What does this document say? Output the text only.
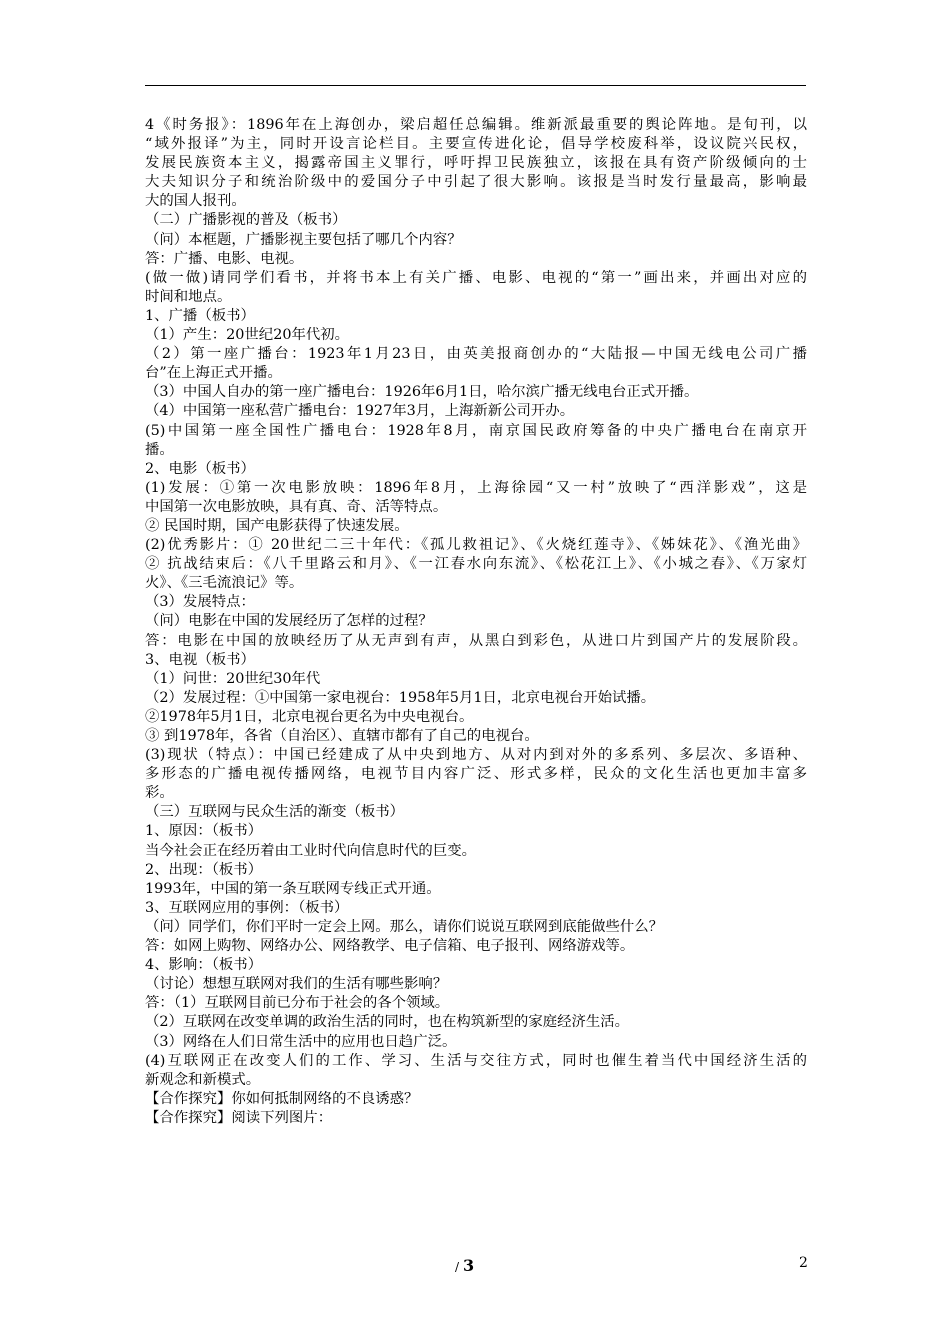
4《时务报》：1896年在上海创办，梁启超任总编辑。维新派最重要的舆论阵地。是旬刊，以
“域外报译”为主，同时开设言论栏目。主要宣传进化论，倡导学校废科举，设议院兴民权，
发展民族资本主义，揭露帝国主义罪行，呼吁捍卫民族独立，该报在具有资产阶级倾向的士
大夫知识分子和统治阶级中的爱国分子中引起了很大影响。该报是当时发行量最高，影响最
大的国人报刊。
（二）广播影视的普及（板书）
（问）本框题，广播影视主要包括了哪几个内容？
答：广播、电影、电视。
(做一做)请同学们看书，并将书本上有关广播、电影、电视的“第一”画出来，并画出对应的
时间和地点。
1、广播（板书）
（1）产生：20世纪20年代初。
（2）第一座广播台：1923年1月23日，由英美报商创办的“大陆报—中国无线电公司广播
台”在上海正式开播。
（3）中国人自办的第一座广播电台：1926年6月1日，哈尔滨广播无线电台正式开播。
（4）中国第一座私营广播电台：1927年3月，上海新新公司开办。
(5)中国第一座全国性广播电台：1928年8月，南京国民政府筹备的中央广播电台在南京开
播。
2、电影（板书）
(1)发展：①第一次电影放映：1896年8月，上海徐园“又一村”放映了“西洋影戏”，这是
中国第一次电影放映，具有真、奇、活等特点。
② 民国时期，国产电影获得了快速发展。
(2)优秀影片：① 20世纪二三十年代：《孤儿救祖记》、《火烧红莲寺》、《姊妹花》、《渔光曲》
② 抗战结束后：《八千里路云和月》、《一江春水向东流》、《松花江上》、《小城之春》、《万家灯
火》、《三毛流浪记》等。
（3）发展特点：
（问）电影在中国的发展经历了怎样的过程？
答：电影在中国的放映经历了从无声到有声，从黑白到彩色，从进口片到国产片的发展阶段。
3、电视（板书）
（1）问世：20世纪30年代
（2）发展过程：①中国第一家电视台：1958年5月1日，北京电视台开始试播。
②1978年5月1日，北京电视台更名为中央电视台。
③ 到1978年，各省（自治区）、直辖市都有了自己的电视台。
(3)现状（特点）：中国已经建成了从中央到地方、从对内到对外的多系列、多层次、多语种、
多形态的广播电视传播网络，电视节目内容广泛、形式多样，民众的文化生活也更加丰富多
彩。
（三）互联网与民众生活的渐变（板书）
1、原因：（板书）
当今社会正在经历着由工业时代向信息时代的巨变。
2、出现：（板书）
1993年，中国的第一条互联网专线正式开通。
3、互联网应用的事例：（板书）
（问）同学们，你们平时一定会上网。那么，请你们说说互联网到底能做些什么？
答：如网上购物、网络办公、网络教学、电子信箱、电子报刊、网络游戏等。
4、影响：（板书）
（讨论）想想互联网对我们的生活有哪些影响？
答：（1）互联网目前已分布于社会的各个领域。
（2）互联网在改变单调的政治生活的同时，也在构筑新型的家庭经济生活。
（3）网络在人们日常生活中的应用也日趋广泛。
(4)互联网正在改变人们的工作、学习、生活与交往方式，同时也催生着当代中国经济生活的
新观念和新模式。
【合作探究】你如何抵制网络的不良诱惑？
【合作探究】阅读下列图片：
/ 3	2
